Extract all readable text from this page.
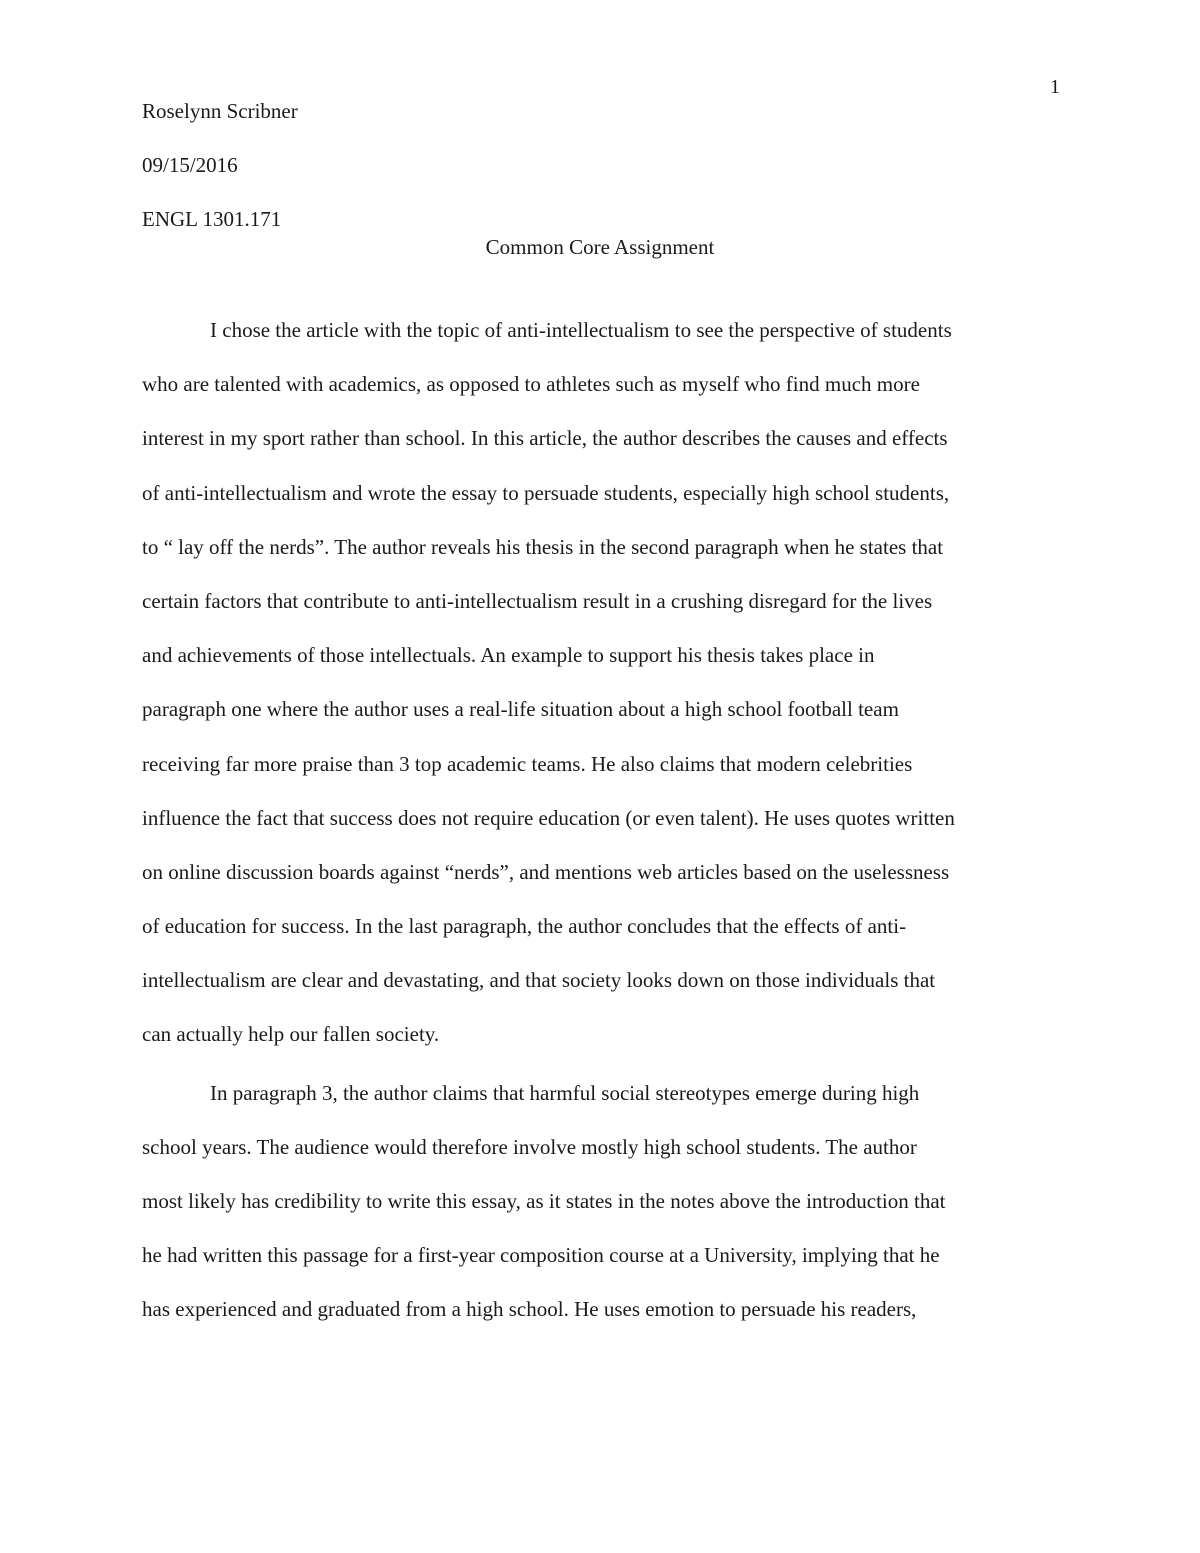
1
Roselynn Scribner
09/15/2016
ENGL 1301.171
Common Core Assignment
I chose the article with the topic of anti-intellectualism to see the perspective of students
who are talented with academics, as opposed to athletes such as myself who find much more
interest in my sport rather than school. In this article, the author describes the causes and effects
of anti-intellectualism and wrote the essay to persuade students, especially high school students,
to “ lay off the nerds”. The author reveals his thesis in the second paragraph when he states that
certain factors that contribute to anti-intellectualism result in a crushing disregard for the lives
and achievements of those intellectuals. An example to support his thesis takes place in
paragraph one where the author uses a real-life situation about a high school football team
receiving far more praise than 3 top academic teams. He also claims that modern celebrities
influence the fact that success does not require education (or even talent). He uses quotes written
on online discussion boards against “nerds”, and mentions web articles based on the uselessness
of education for success. In the last paragraph, the author concludes that the effects of anti-
intellectualism are clear and devastating, and that society looks down on those individuals that
can actually help our fallen society.
In paragraph 3, the author claims that harmful social stereotypes emerge during high
school years. The audience would therefore involve mostly high school students. The author
most likely has credibility to write this essay, as it states in the notes above the introduction that
he had written this passage for a first-year composition course at a University, implying that he
has experienced and graduated from a high school. He uses emotion to persuade his readers,
